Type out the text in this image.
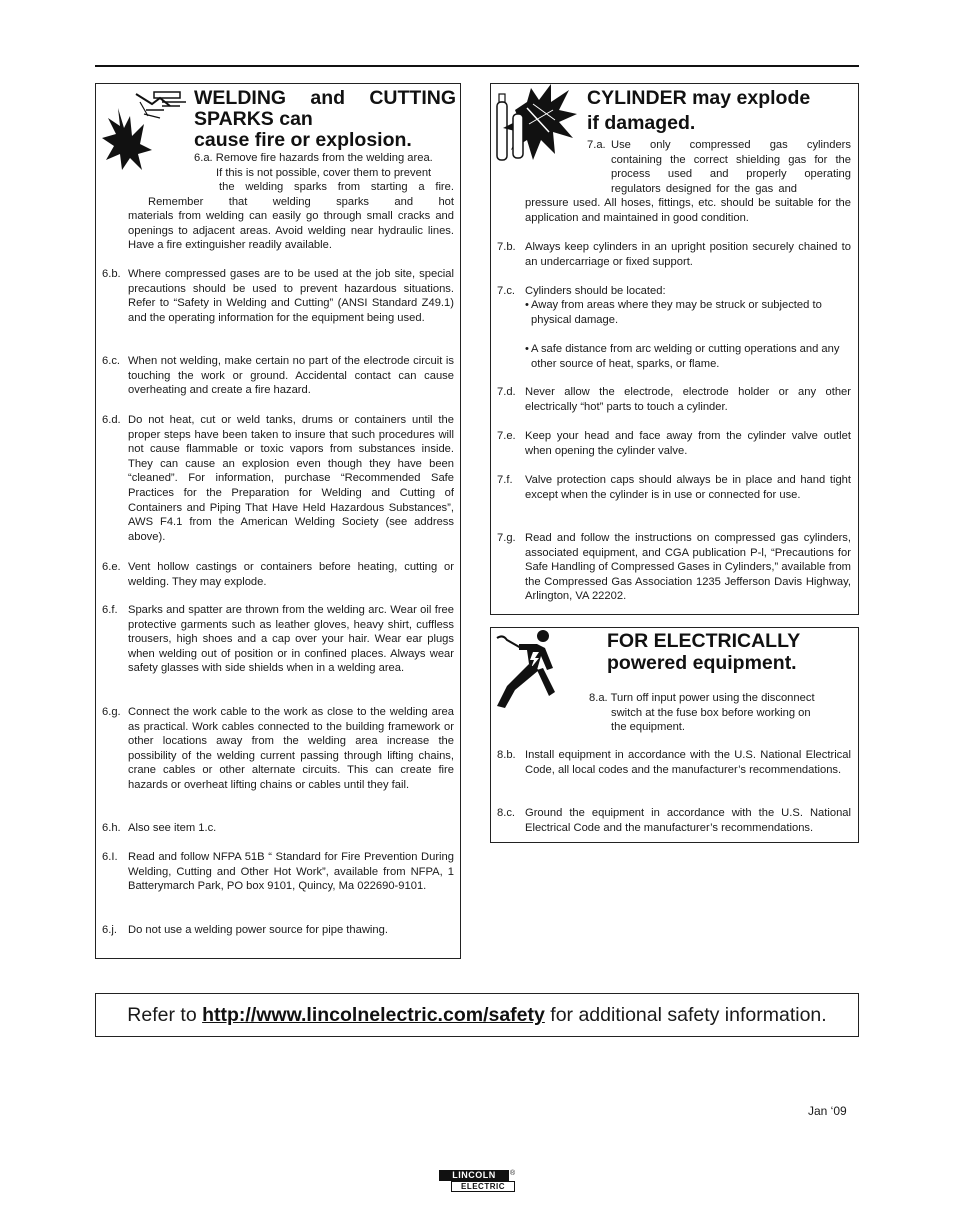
WELDING and CUTTING
SPARKS can
cause fire or explosion.
6.a. Remove fire hazards from the welding area.
If this is not possible, cover them to prevent
the welding sparks from starting a fire.
Remember that welding sparks and hot
materials from welding can easily go through small cracks and openings to adjacent areas. Avoid welding near hydraulic lines. Have a fire extinguisher readily available.
6.b. Where compressed gases are to be used at the job site, special precautions should be used to prevent hazardous situations. Refer to “Safety in Welding and Cutting” (ANSI Standard Z49.1) and the operating information for the equipment being used.
6.c. When not welding, make certain no part of the electrode circuit is touching the work or ground. Accidental contact can cause overheating and create a fire hazard.
6.d. Do not heat, cut or weld tanks, drums or containers until the proper steps have been taken to insure that such procedures will not cause flammable or toxic vapors from substances inside. They can cause an explosion even though they have been “cleaned”. For information, purchase “Recommended Safe Practices for the Preparation for Welding and Cutting of Containers and Piping That Have Held Hazardous Substances”, AWS F4.1 from the American Welding Society (see address above).
6.e. Vent hollow castings or containers before heating, cutting or welding. They may explode.
6.f. Sparks and spatter are thrown from the welding arc. Wear oil free protective garments such as leather gloves, heavy shirt, cuffless trousers, high shoes and a cap over your hair. Wear ear plugs when welding out of position or in confined places. Always wear safety glasses with side shields when in a welding area.
6.g. Connect the work cable to the work as close to the welding area as practical. Work cables connected to the building framework or other locations away from the welding area increase the possibility of the welding current passing through lifting chains, crane cables or other alternate circuits. This can create fire hazards or overheat lifting chains or cables until they fail.
6.h. Also see item 1.c.
6.I. Read and follow NFPA 51B “ Standard for Fire Prevention During Welding, Cutting and Other Hot Work”, available from NFPA, 1 Batterymarch Park, PO box 9101, Quincy, Ma 022690-9101.
6.j. Do not use a welding power source for pipe thawing.
CYLINDER may explode
if damaged.
7.a. Use only compressed gas cylinders containing the correct shielding gas for the process used and properly operating regulators designed for the gas and
pressure used. All hoses, fittings, etc. should be suitable for the application and maintained in good condition.
7.b. Always keep cylinders in an upright position securely chained to an undercarriage or fixed support.
7.c. Cylinders should be located:
• Away from areas where they may be struck or subjected to physical damage.
• A safe distance from arc welding or cutting operations and any other source of heat, sparks, or flame.
7.d. Never allow the electrode, electrode holder or any other electrically “hot” parts to touch a cylinder.
7.e. Keep your head and face away from the cylinder valve outlet when opening the cylinder valve.
7.f. Valve protection caps should always be in place and hand tight except when the cylinder is in use or connected for use.
7.g. Read and follow the instructions on compressed gas cylinders, associated equipment, and CGA publication P-l, “Precautions for Safe Handling of Compressed Gases in Cylinders,” available from the Compressed Gas Association 1235 Jefferson Davis Highway, Arlington, VA 22202.
FOR ELECTRICALLY
powered equipment.
8.a. Turn off input power using the disconnect
switch at the fuse box before working on
the equipment.
8.b. Install equipment in accordance with the U.S. National Electrical Code, all local codes and the manufacturer’s recommendations.
8.c. Ground the equipment in accordance with the U.S. National Electrical Code and the manufacturer’s recommendations.
Refer to http://www.lincolnelectric.com/safety for additional safety information.
Jan ‘09
LINCOLN	®
ELECTRIC
